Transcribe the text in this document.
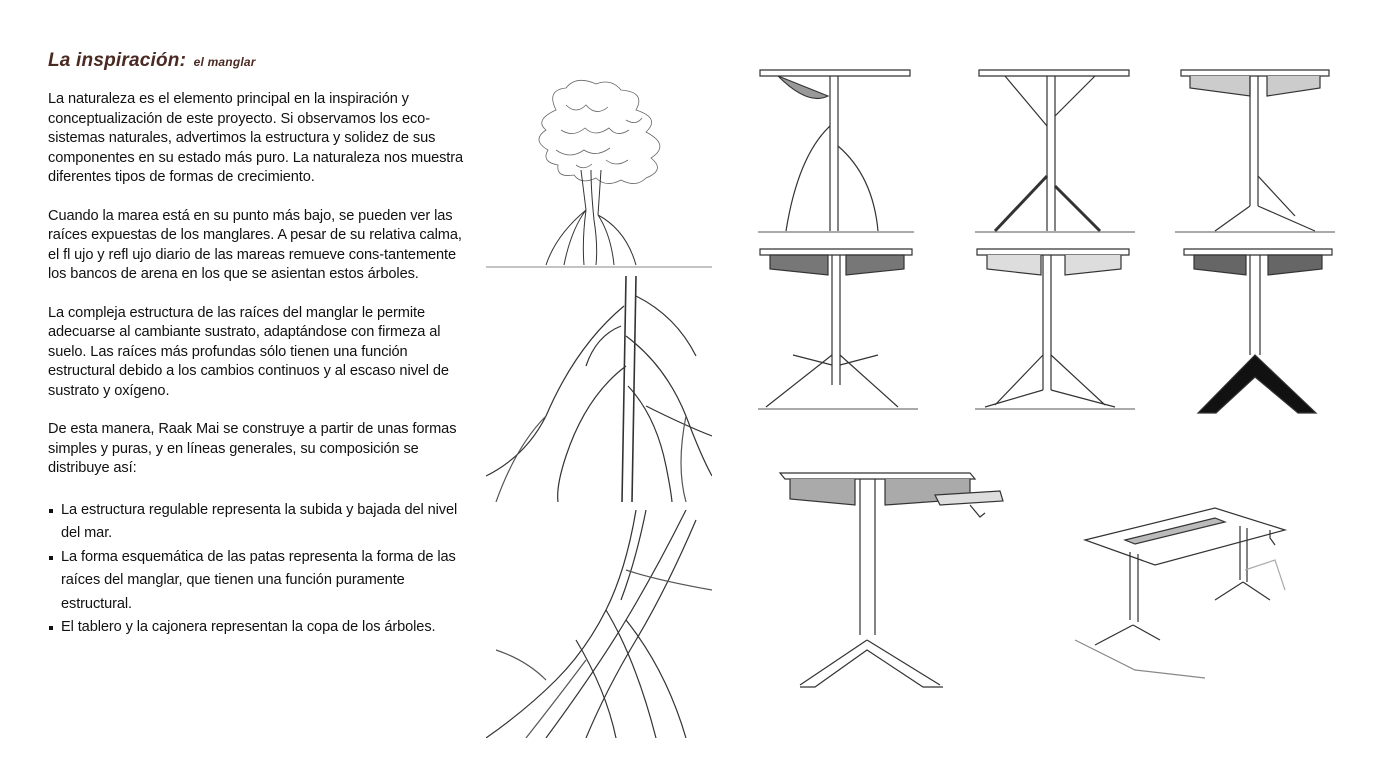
La inspiración: el manglar

La naturaleza es el elemento principal en la inspiración y conceptualización de este proyecto. Si observamos los eco-sistemas naturales, advertimos la estructura y solidez de sus componentes en su estado más puro. La naturaleza nos muestra diferentes tipos de formas de crecimiento.

Cuando la marea está en su punto más bajo, se pueden ver las raíces expuestas de los manglares. A pesar de su relativa calma, el fl ujo y refl ujo diario de las mareas remueve cons-tantemente los bancos de arena en los que se asientan estos árboles.

La compleja estructura de las raíces del manglar le permite adecuarse al cambiante sustrato, adaptándose con firmeza al suelo. Las raíces más profundas sólo tienen una función estructural debido a los cambios continuos y al escaso nivel de sustrato y oxígeno.

De esta manera, Raak Mai se construye a partir de unas formas simples y puras, y en líneas generales, su composición se distribuye así:

La estructura regulable representa la subida y bajada del nivel del mar.
La forma esquemática de las patas representa la forma de las raíces del manglar, que tienen una función puramente estructural.
El tablero y la cajonera representan la copa de los árboles.
